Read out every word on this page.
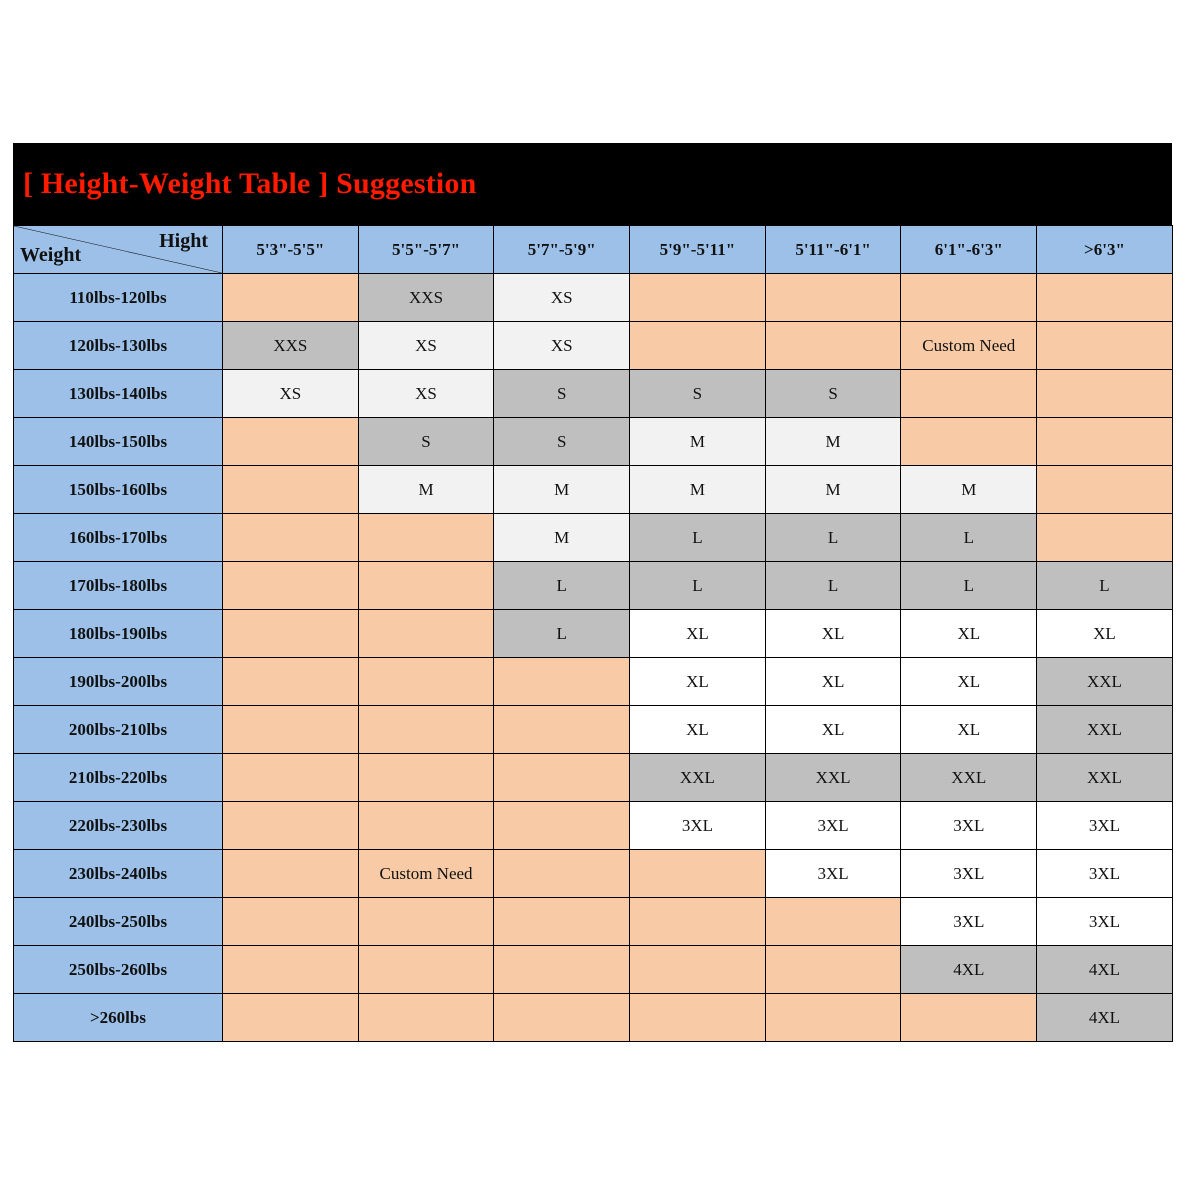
[ Height-Weight Table ] Suggestion
Hight
Weight	5'3"-5'5"	5'5"-5'7"	5'7"-5'9"	5'9"-5'11"	5'11"-6'1"	6'1"-6'3"	>6'3"
110lbs-120lbs		XXS	XS				
120lbs-130lbs	XXS	XS	XS			Custom Need	
130lbs-140lbs	XS	XS	S	S	S		
140lbs-150lbs		S	S	M	M		
150lbs-160lbs		M	M	M	M	M	
160lbs-170lbs			M	L	L	L	
170lbs-180lbs			L	L	L	L	L
180lbs-190lbs			L	XL	XL	XL	XL
190lbs-200lbs				XL	XL	XL	XXL
200lbs-210lbs				XL	XL	XL	XXL
210lbs-220lbs				XXL	XXL	XXL	XXL
220lbs-230lbs				3XL	3XL	3XL	3XL
230lbs-240lbs		Custom Need			3XL	3XL	3XL
240lbs-250lbs						3XL	3XL
250lbs-260lbs						4XL	4XL
>260lbs							4XL
